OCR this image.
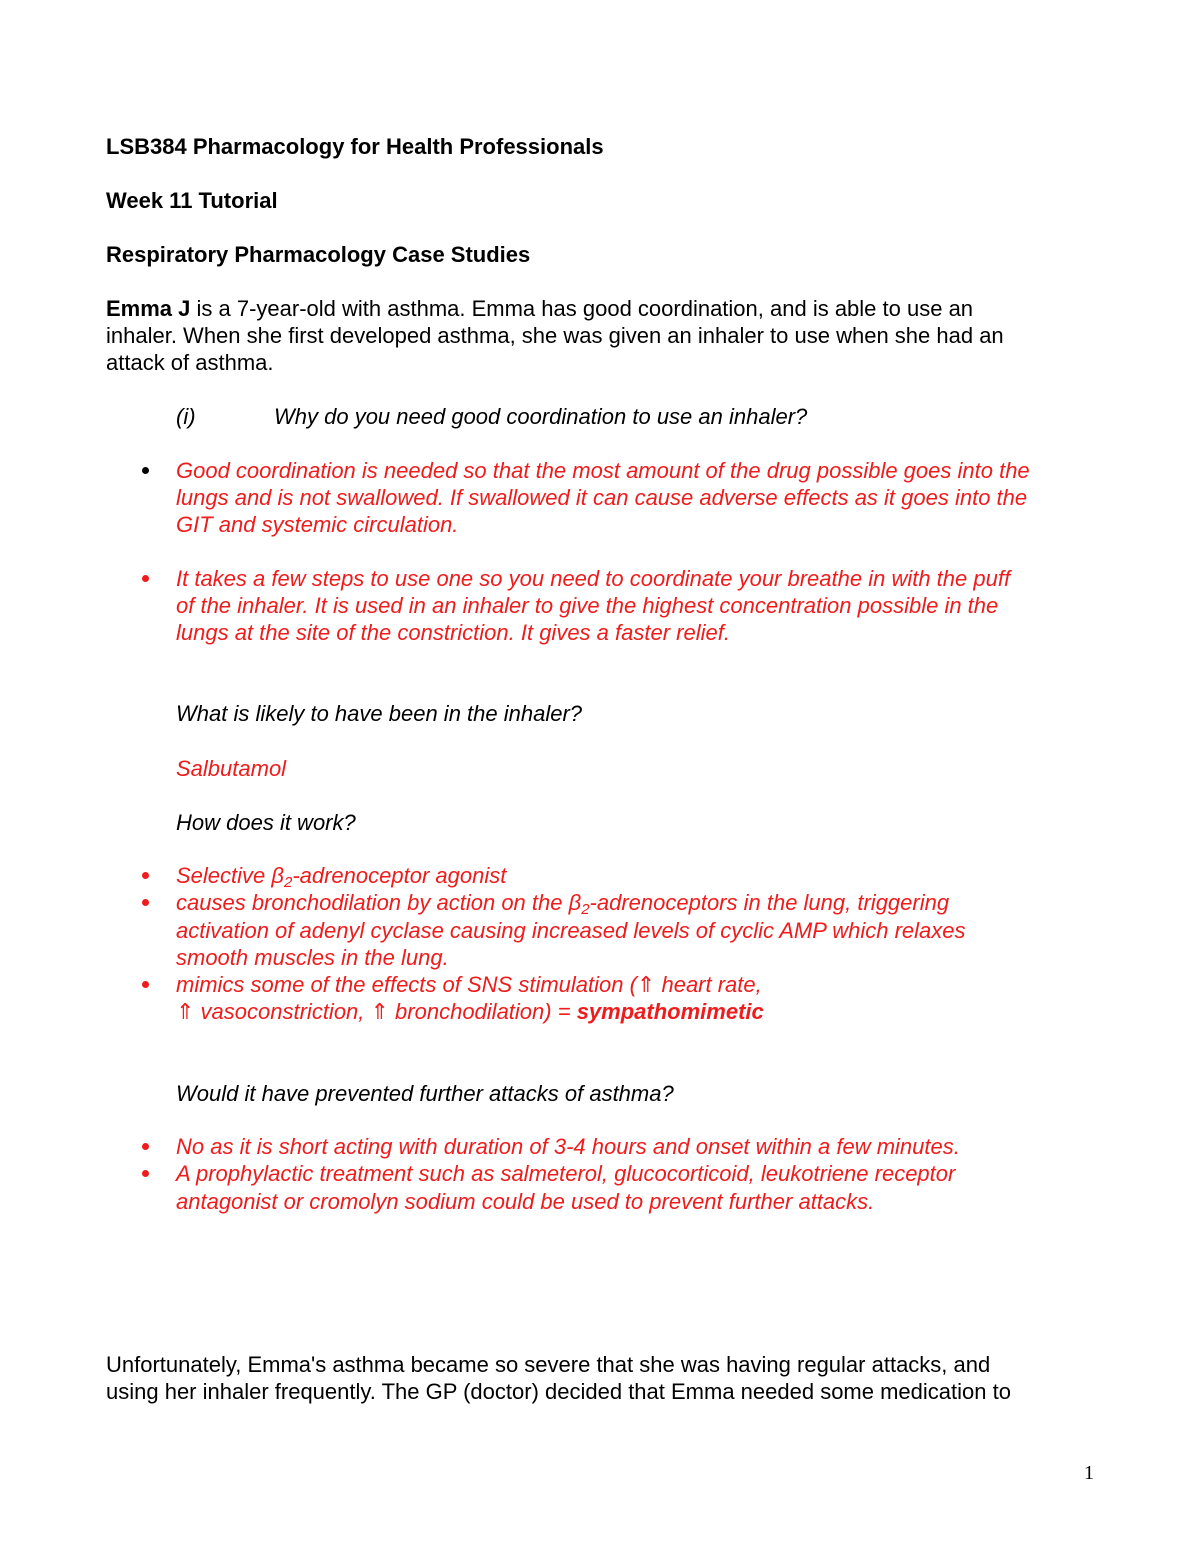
LSB384 Pharmacology for Health Professionals

Week 11 Tutorial

Respiratory Pharmacology Case Studies

Emma J is a 7-year-old with asthma. Emma has good coordination, and is able to use an

inhaler. When she first developed asthma, she was given an inhaler to use when she had an

attack of asthma.

(i)	Why do you need good coordination to use an inhaler?

Good coordination is needed so that the most amount of the drug possible goes into the

lungs and is not swallowed. If swallowed it can cause adverse effects as it goes into the

GIT and systemic circulation.

It takes a few steps to use one so you need to coordinate your breathe in with the puff

of the inhaler. It is used in an inhaler to give the highest concentration possible in the

lungs at the site of the constriction. It gives a faster relief.

What is likely to have been in the inhaler?

Salbutamol

How does it work?

Selective $\beta_2$-adrenoceptor agonist

causes bronchodilation by action on the $\beta_2$-adrenoceptors in the lung, triggering

activation of adenyl cyclase causing increased levels of cyclic AMP which relaxes

smooth muscles in the lung.

mimics some of the effects of SNS stimulation (⇑ heart rate,

⇑ vasoconstriction, ⇑ bronchodilation) = sympathomimetic

Would it have prevented further attacks of asthma?

No as it is short acting with duration of 3-4 hours and onset within a few minutes.

A prophylactic treatment such as salmeterol, glucocorticoid, leukotriene receptor

antagonist or cromolyn sodium could be used to prevent further attacks.

Unfortunately, Emma's asthma became so severe that she was having regular attacks, and

using her inhaler frequently. The GP (doctor) decided that Emma needed some medication to

1
